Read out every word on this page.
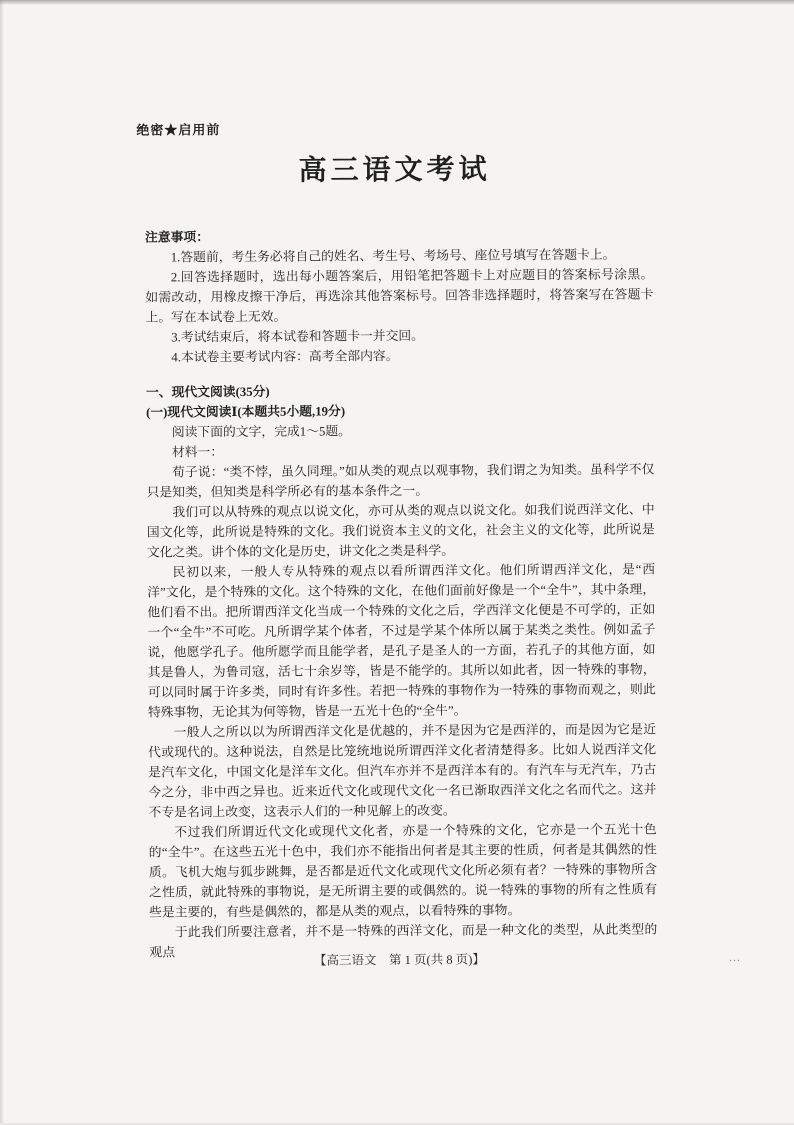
绝密★启用前
高三语文考试

注意事项：

1.答题前，考生务必将自己的姓名、考生号、考场号、座位号填写在答题卡上。

2.回答选择题时，选出每小题答案后，用铅笔把答题卡上对应题目的答案标号涂黑。如需改动，用橡皮擦干净后，再选涂其他答案标号。回答非选择题时，将答案写在答题卡上。写在本试卷上无效。

3.考试结束后，将本试卷和答题卡一并交回。

4.本试卷主要考试内容：高考全部内容。

一、现代文阅读(35分)

(一)现代文阅读Ⅰ(本题共5小题,19分)

阅读下面的文字，完成1～5题。

材料一：

荀子说：“类不悖，虽久同理。”如从类的观点以观事物，我们谓之为知类。虽科学不仅只是知类，但知类是科学所必有的基本条件之一。

我们可以从特殊的观点以说文化，亦可从类的观点以说文化。如我们说西洋文化、中国文化等，此所说是特殊的文化。我们说资本主义的文化，社会主义的文化等，此所说是文化之类。讲个体的文化是历史，讲文化之类是科学。

民初以来，一般人专从特殊的观点以看所谓西洋文化。他们所谓西洋文化，是“西洋”文化，是个特殊的文化。这个特殊的文化，在他们面前好像是一个“全牛”，其中条理，他们看不出。把所谓西洋文化当成一个特殊的文化之后，学西洋文化便是不可学的，正如一个“全牛”不可吃。凡所谓学某个体者，不过是学某个体所以属于某类之类性。例如孟子说，他愿学孔子。他所愿学而且能学者，是孔子是圣人的一方面，若孔子的其他方面，如其是鲁人，为鲁司寇，活七十余岁等，皆是不能学的。其所以如此者，因一特殊的事物，可以同时属于许多类，同时有许多性。若把一特殊的事物作为一特殊的事物而观之，则此特殊事物，无论其为何等物，皆是一五光十色的“全牛”。

一般人之所以以为所谓西洋文化是优越的，并不是因为它是西洋的，而是因为它是近代或现代的。这种说法，自然是比笼统地说所谓西洋文化者清楚得多。比如人说西洋文化是汽车文化，中国文化是洋车文化。但汽车亦并不是西洋本有的。有汽车与无汽车，乃古今之分，非中西之异也。近来近代文化或现代文化一名已渐取西洋文化之名而代之。这并不专是名词上改变，这表示人们的一种见解上的改变。

不过我们所谓近代文化或现代文化者，亦是一个特殊的文化，它亦是一个五光十色的“全牛”。在这些五光十色中，我们亦不能指出何者是其主要的性质，何者是其偶然的性质。飞机大炮与狐步跳舞，是否都是近代文化或现代文化所必须有者？一特殊的事物所含之性质，就此特殊的事物说，是无所谓主要的或偶然的。说一特殊的事物的所有之性质有些是主要的，有些是偶然的，都是从类的观点，以看特殊的事物。

于此我们所要注意者，并不是一特殊的西洋文化，而是一种文化的类型，从此类型的观点

【高三语文　第 1 页(共 8 页)】	…
